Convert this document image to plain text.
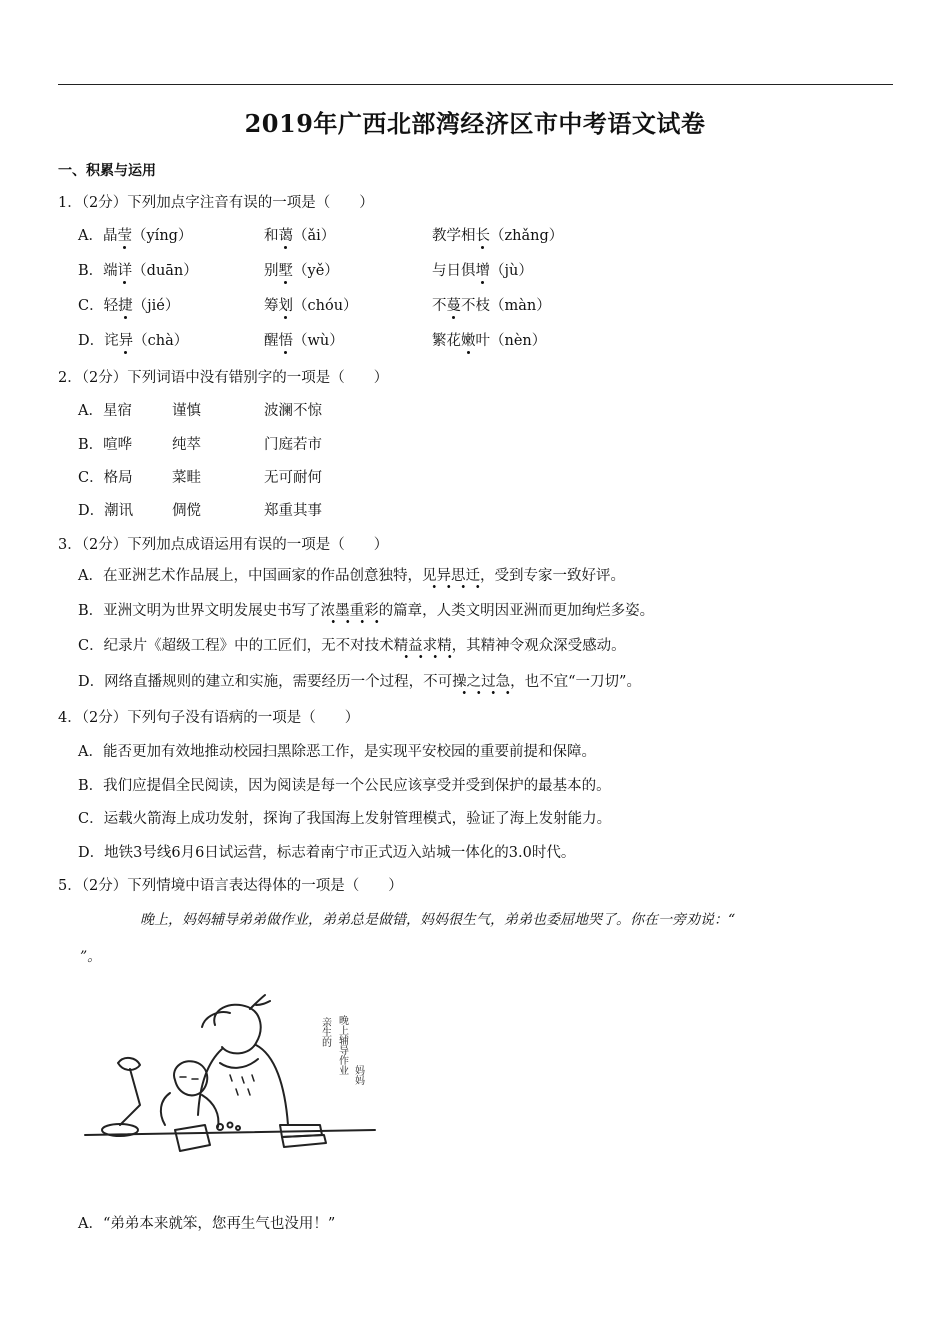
2019年广西北部湾经济区市中考语文试卷
一、积累与运用
1．（2分）下列加点字注音有误的一项是（　　）
A．晶莹（yíng）	和蔼（ǎi）	教学相长（zhǎng）
B．端详（duān）	别墅（yě）	与日俱增（jù）
C．轻捷（jié）	筹划（chóu）	不蔓不枝（màn）
D．诧异（chà）	醒悟（wù）	繁花嫩叶（nèn）
2．（2分）下列词语中没有错别字的一项是（　　）
A．星宿	谨慎	波澜不惊
B．喧哗	纯萃	门庭若市
C．格局	菜畦	无可耐何
D．潮讯	倜傥	郑重其事
3．（2分）下列加点成语运用有误的一项是（　　）
A．在亚洲艺术作品展上，中国画家的作品创意独特，见异思迁，受到专家一致好评。
B．亚洲文明为世界文明发展史书写了浓墨重彩的篇章，人类文明因亚洲而更加绚烂多姿。
C．纪录片《超级工程》中的工匠们，无不对技术精益求精，其精神令观众深受感动。
D．网络直播规则的建立和实施，需要经历一个过程，不可操之过急，也不宜“一刀切”。
4．（2分）下列句子没有语病的一项是（　　）
A．能否更加有效地推动校园扫黑除恶工作，是实现平安校园的重要前提和保障。
B．我们应提倡全民阅读，因为阅读是每一个公民应该享受并受到保护的最基本的。
C．运载火箭海上成功发射，探询了我国海上发射管理模式，验证了海上发射能力。
D．地铁3号线6月6日试运营，标志着南宁市正式迈入站城一体化的3.0时代。
5．（2分）下列情境中语言表达得体的一项是（　　）
晚上，妈妈辅导弟弟做作业，弟弟总是做错，妈妈很生气，弟弟也委屈地哭了。你在一旁劝说：“
”。
晚上辅导作业 妈妈
亲生的
A．“弟弟本来就笨，您再生气也没用！”
